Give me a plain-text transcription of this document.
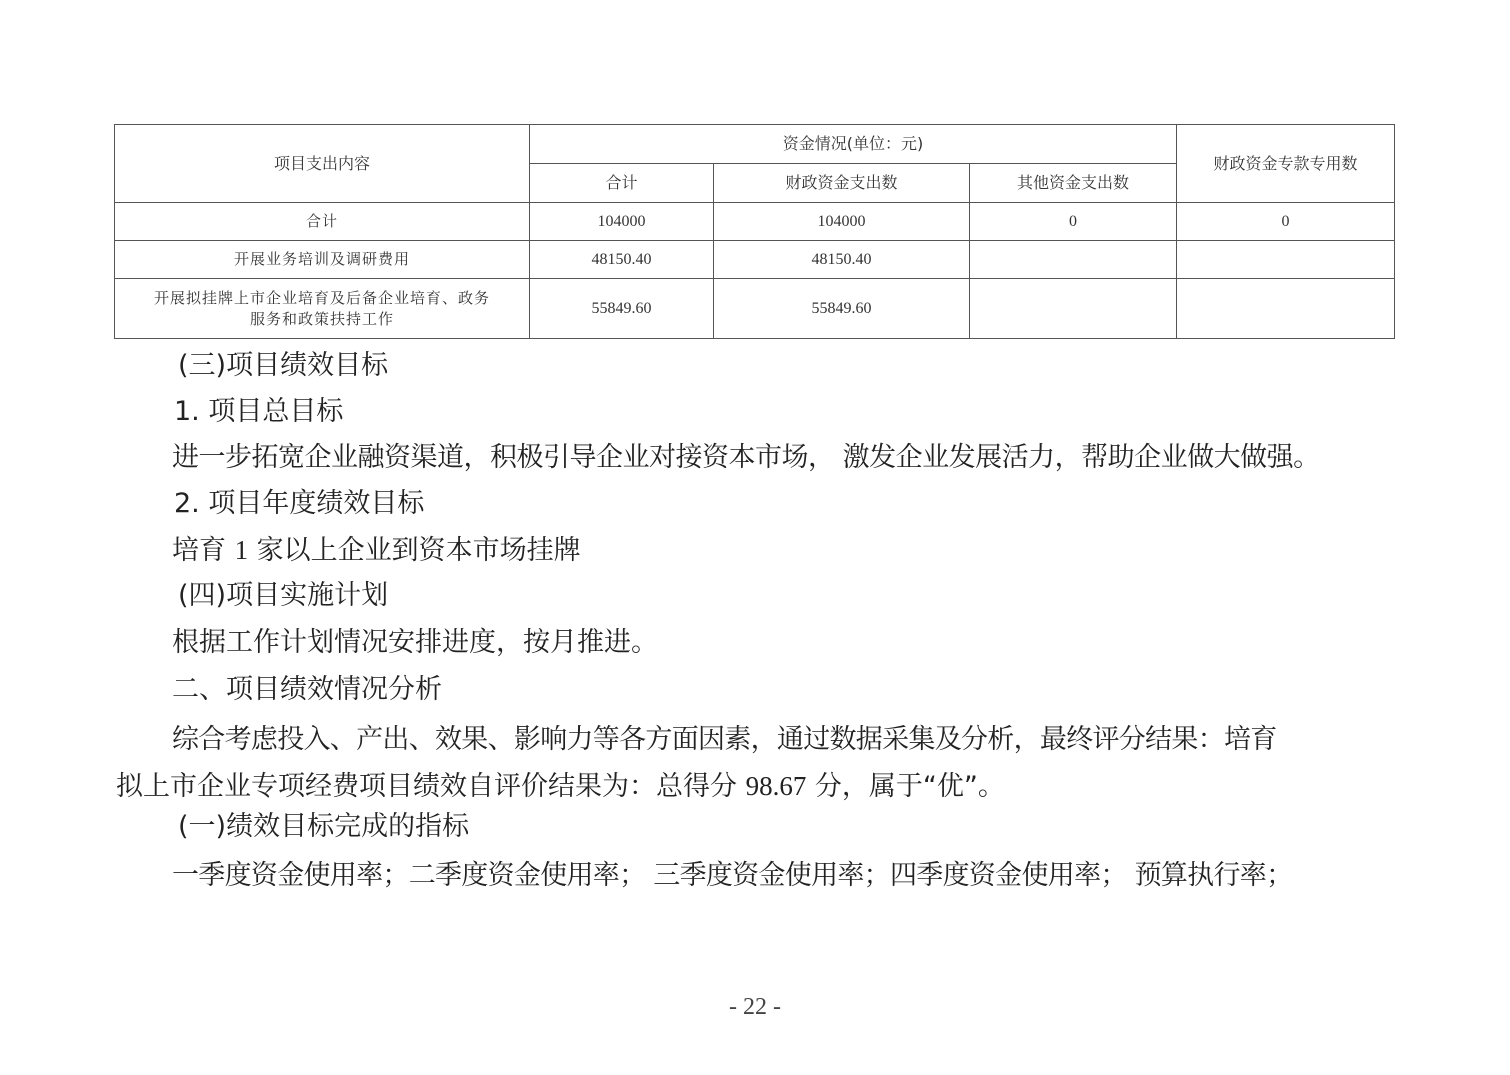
项目支出内容	资金情况(单位：元)			财政资金专款专用数
	合计	财政资金支出数	其他资金支出数	
合计	104000	104000	0	0
开展业务培训及调研费用	48150.40	48150.40		

开展拟挂牌上市企业培育及后备企业培育、政务
服务和政策扶持工作	55849.60	55849.60		
(三)项目绩效目标
1. 项目总目标
进一步拓宽企业融资渠道，积极引导企业对接资本市场， 激发企业发展活力，帮助企业做大做强。
2. 项目年度绩效目标
培育 1 家以上企业到资本市场挂牌
(四)项目实施计划
根据工作计划情况安排进度，按月推进。
二、项目绩效情况分析
综合考虑投入、产出、效果、影响力等各方面因素，通过数据采集及分析，最终评分结果：培育
拟上市企业专项经费项目绩效自评价结果为：总得分 98.67 分，属于“优”。
(一)绩效目标完成的指标
一季度资金使用率；二季度资金使用率； 三季度资金使用率；四季度资金使用率； 预算执行率；
- 22 -
